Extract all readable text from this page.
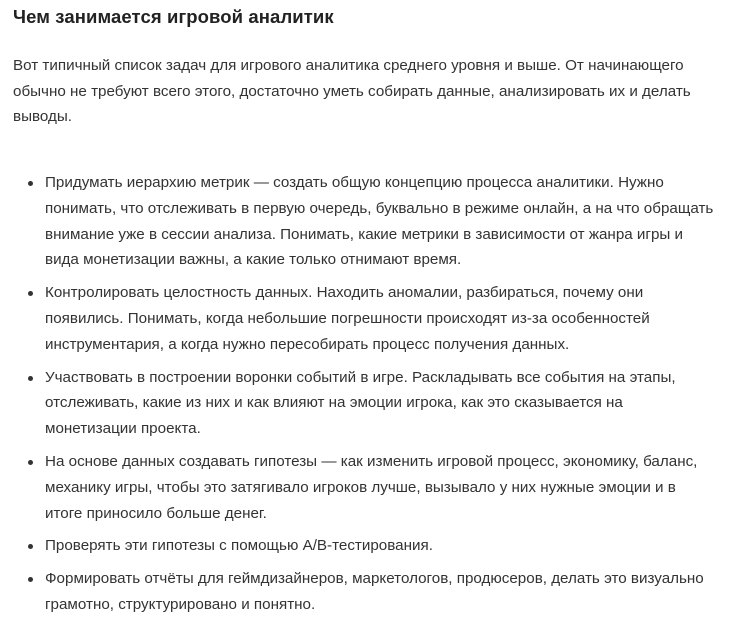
Чем занимается игровой аналитик

Вот типичный список задач для игрового аналитика среднего уровня и выше. От начинающего
обычно не требуют всего этого, достаточно уметь собирать данные, анализировать их и делать
выводы.

Придумать иерархию метрик — создать общую концепцию процесса аналитики. Нужно
понимать, что отслеживать в первую очередь, буквально в режиме онлайн, а на что обращать
внимание уже в сессии анализа. Понимать, какие метрики в зависимости от жанра игры и
вида монетизации важны, а какие только отнимают время.
Контролировать целостность данных. Находить аномалии, разбираться, почему они
появились. Понимать, когда небольшие погрешности происходят из-за особенностей
инструментария, а когда нужно пересобирать процесс получения данных.
Участвовать в построении воронки событий в игре. Раскладывать все события на этапы,
отслеживать, какие из них и как влияют на эмоции игрока, как это сказывается на
монетизации проекта.
На основе данных создавать гипотезы — как изменить игровой процесс, экономику, баланс,
механику игры, чтобы это затягивало игроков лучше, вызывало у них нужные эмоции и в
итоге приносило больше денег.
Проверять эти гипотезы с помощью A/B-тестирования.
Формировать отчёты для геймдизайнеров, маркетологов, продюсеров, делать это визуально
грамотно, структурировано и понятно.
